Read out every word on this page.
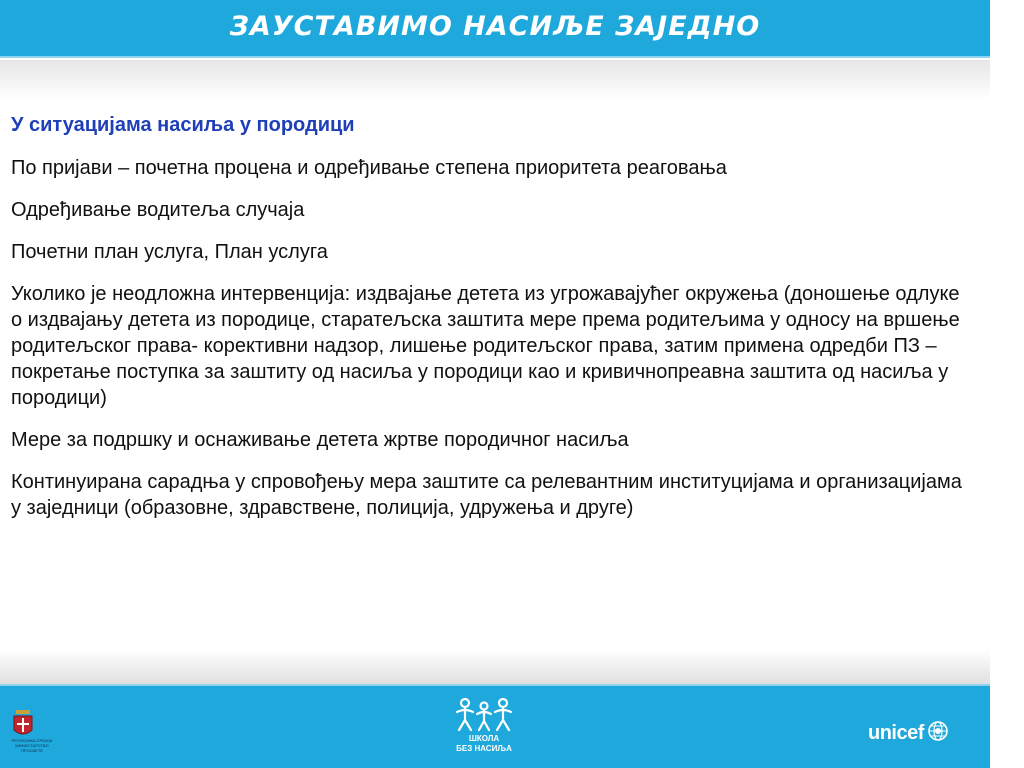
ЗАУСТАВИМО НАСИЉЕ ЗАЈЕДНО
У ситуацијама насиља у породици

По пријави – почетна процена и одређивање степена приоритета реаговања

Одређивање водитеља случаја

Почетни план услуга, План услуга

Уколико је неодложна интервенција: издвајање детета из угрожавајућег окружења (доношење одлуке о издвајању детета из породице, старатељска заштита мере према родитељима у односу на вршење родитељског права- корективни надзор, лишење родитељског права, затим примена одредби ПЗ – покретање поступка за заштиту од насиља у породици као и кривичнопреавна заштита од насиља у породици)

Мере за подршку и оснаживање детета жртве породичног насиља

Континуирана сарадња у спровођењу мера заштите са релевантним институцијама и организацијама у заједници (образовне, здравствене, полиција, удружења и друге)

РЕПУБЛИКА СРБИЈА МИНИСТАРСТВО ПРОСВЕТЕ
ШКОЛА
БЕЗ НАСИЉА
unicef
